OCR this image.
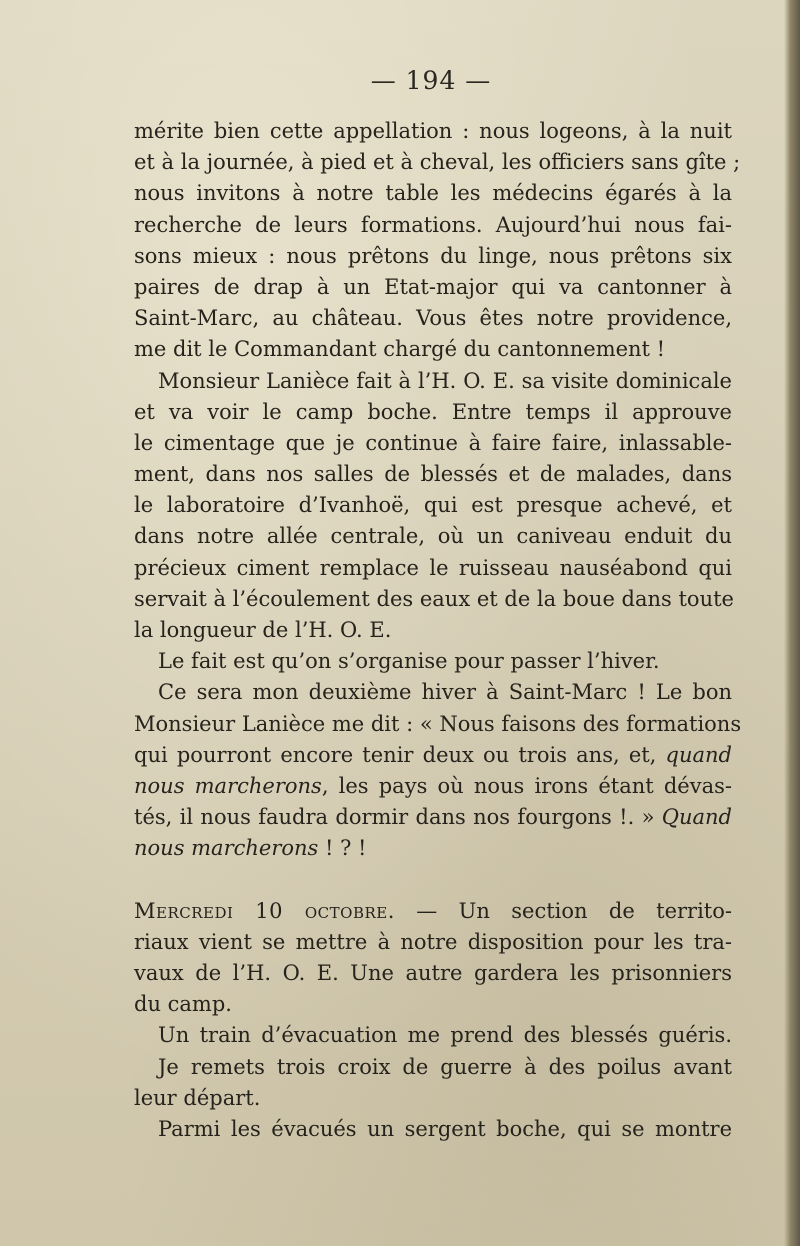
— 194 —
mérite bien cette appellation : nous logeons, à la nuit
et à la journée, à pied et à cheval, les officiers sans gîte ;
nous invitons à notre table les médecins égarés à la
recherche de leurs formations. Aujourd’hui nous fai-
sons mieux : nous prêtons du linge, nous prêtons six
paires de drap à un Etat-major qui va cantonner à
Saint-Marc, au château. Vous êtes notre providence,
me dit le Commandant chargé du cantonnement !
Monsieur Lanièce fait à l’H. O. E. sa visite dominicale
et va voir le camp boche. Entre temps il approuve
le cimentage que je continue à faire faire, inlassable-
ment, dans nos salles de blessés et de malades, dans
le laboratoire d’Ivanhoë, qui est presque achevé, et
dans notre allée centrale, où un caniveau enduit du
précieux ciment remplace le ruisseau nauséabond qui
servait à l’écoulement des eaux et de la boue dans toute
la longueur de l’H. O. E.
Le fait est qu’on s’organise pour passer l’hiver.
Ce sera mon deuxième hiver à Saint-Marc ! Le bon
Monsieur Laniècе me dit : « Nous faisons des formations
qui pourront encore tenir deux ou trois ans, et, quand
nous marcherons, les pays où nous irons étant dévas-
tés, il nous faudra dormir dans nos fourgons !. » Quand
nous marcherons ! ? !
Mercredi 10 octobre. — Un section de territo-
riaux vient se mettre à notre disposition pour les tra-
vaux de l’H. O. E. Une autre gardera les prisonniers
du camp.
Un train d’évacuation me prend des blessés guéris.
Je remets trois croix de guerre à des poilus avant
leur départ.
Parmi les évacués un sergent boche, qui se montre
